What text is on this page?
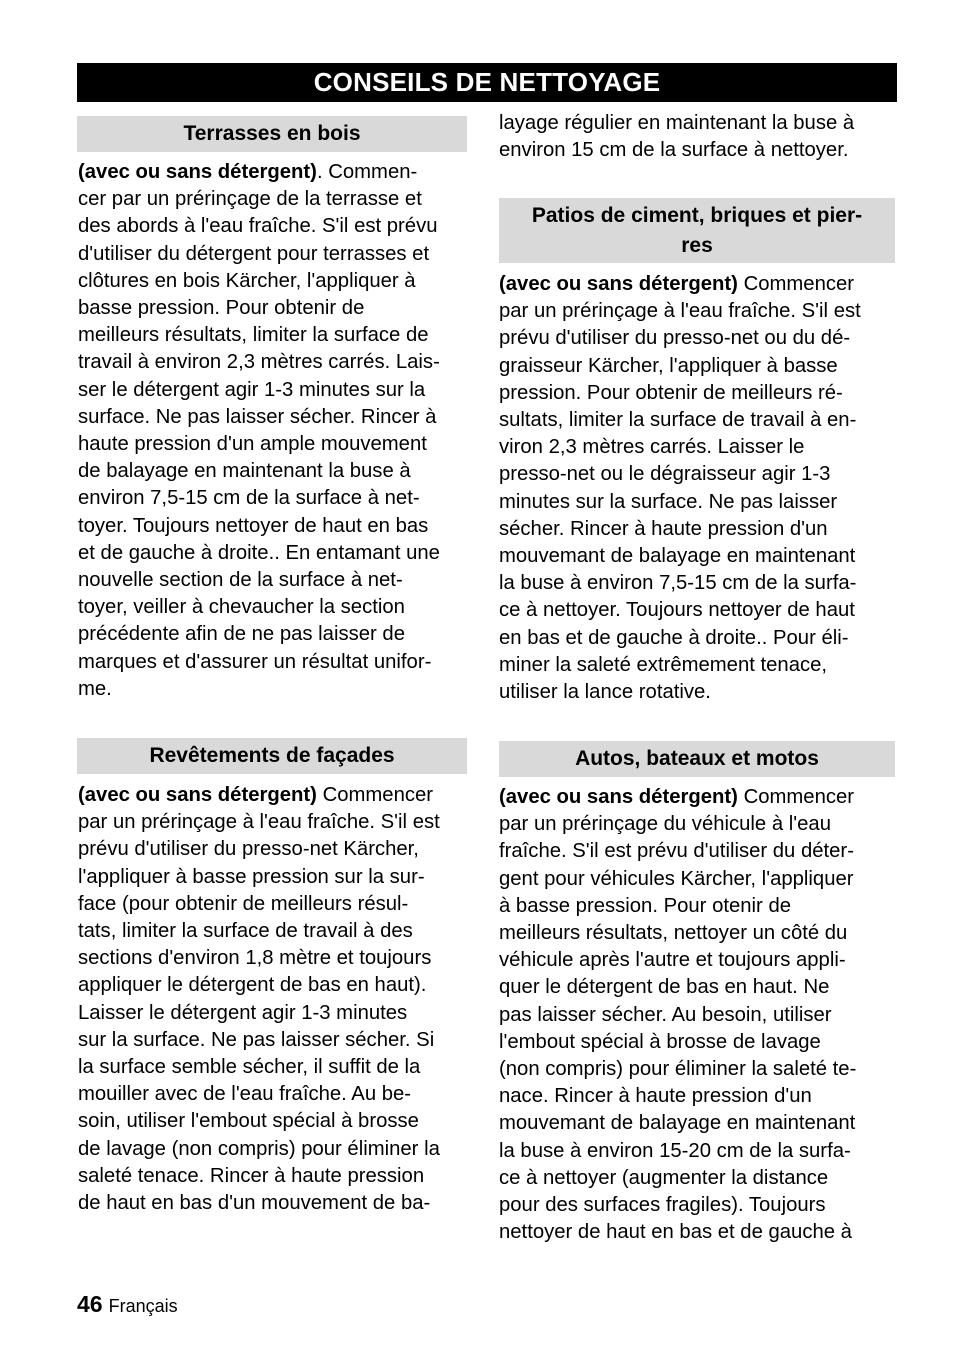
CONSEILS DE NETTOYAGE
Terrasses en bois
(avec ou sans détergent). Commen-
cer par un prérinçage de la terrasse et
des abords à l'eau fraîche. S'il est prévu
d'utiliser du détergent pour terrasses et
clôtures en bois Kärcher, l'appliquer à
basse pression. Pour obtenir de
meilleurs résultats, limiter la surface de
travail à environ 2,3 mètres carrés. Lais-
ser le détergent agir 1-3 minutes sur la
surface. Ne pas laisser sécher. Rincer à
haute pression d'un ample mouvement
de balayage en maintenant la buse à
environ 7,5-15 cm de la surface à net-
toyer. Toujours nettoyer de haut en bas
et de gauche à droite.. En entamant une
nouvelle section de la surface à net-
toyer, veiller à chevaucher la section
précédente afin de ne pas laisser de
marques et d'assurer un résultat unifor-
me.
Revêtements de façades
(avec ou sans détergent) Commencer
par un prérinçage à l'eau fraîche. S'il est
prévu d'utiliser du presso-net Kärcher,
l'appliquer à basse pression sur la sur-
face (pour obtenir de meilleurs résul-
tats, limiter la surface de travail à des
sections d'environ 1,8 mètre et toujours
appliquer le détergent de bas en haut).
Laisser le détergent agir 1-3 minutes
sur la surface. Ne pas laisser sécher. Si
la surface semble sécher, il suffit de la
mouiller avec de l'eau fraîche. Au be-
soin, utiliser l'embout spécial à brosse
de lavage (non compris) pour éliminer la
saleté tenace. Rincer à haute pression
de haut en bas d'un mouvement de ba-
layage régulier en maintenant la buse à
environ 15 cm de la surface à nettoyer.
Patios de ciment, briques et pier-
res
(avec ou sans détergent) Commencer
par un prérinçage à l'eau fraîche. S'il est
prévu d'utiliser du presso-net ou du dé-
graisseur Kärcher, l'appliquer à basse
pression. Pour obtenir de meilleurs ré-
sultats, limiter la surface de travail à en-
viron 2,3 mètres carrés. Laisser le
presso-net ou le dégraisseur agir 1-3
minutes sur la surface. Ne pas laisser
sécher. Rincer à haute pression d'un
mouvemant de balayage en maintenant
la buse à environ 7,5-15 cm de la surfa-
ce à nettoyer. Toujours nettoyer de haut
en bas et de gauche à droite.. Pour éli-
miner la saleté extrêmement tenace,
utiliser la lance rotative.
Autos, bateaux et motos
(avec ou sans détergent) Commencer
par un prérinçage du véhicule à l'eau
fraîche. S'il est prévu d'utiliser du déter-
gent pour véhicules Kärcher, l'appliquer
à basse pression. Pour otenir de
meilleurs résultats, nettoyer un côté du
véhicule après l'autre et toujours appli-
quer le détergent de bas en haut. Ne
pas laisser sécher. Au besoin, utiliser
l'embout spécial à brosse de lavage
(non compris) pour éliminer la saleté te-
nace. Rincer à haute pression d'un
mouvemant de balayage en maintenant
la buse à environ 15-20 cm de la surfa-
ce à nettoyer (augmenter la distance
pour des surfaces fragiles). Toujours
nettoyer de haut en bas et de gauche à
46 Français
